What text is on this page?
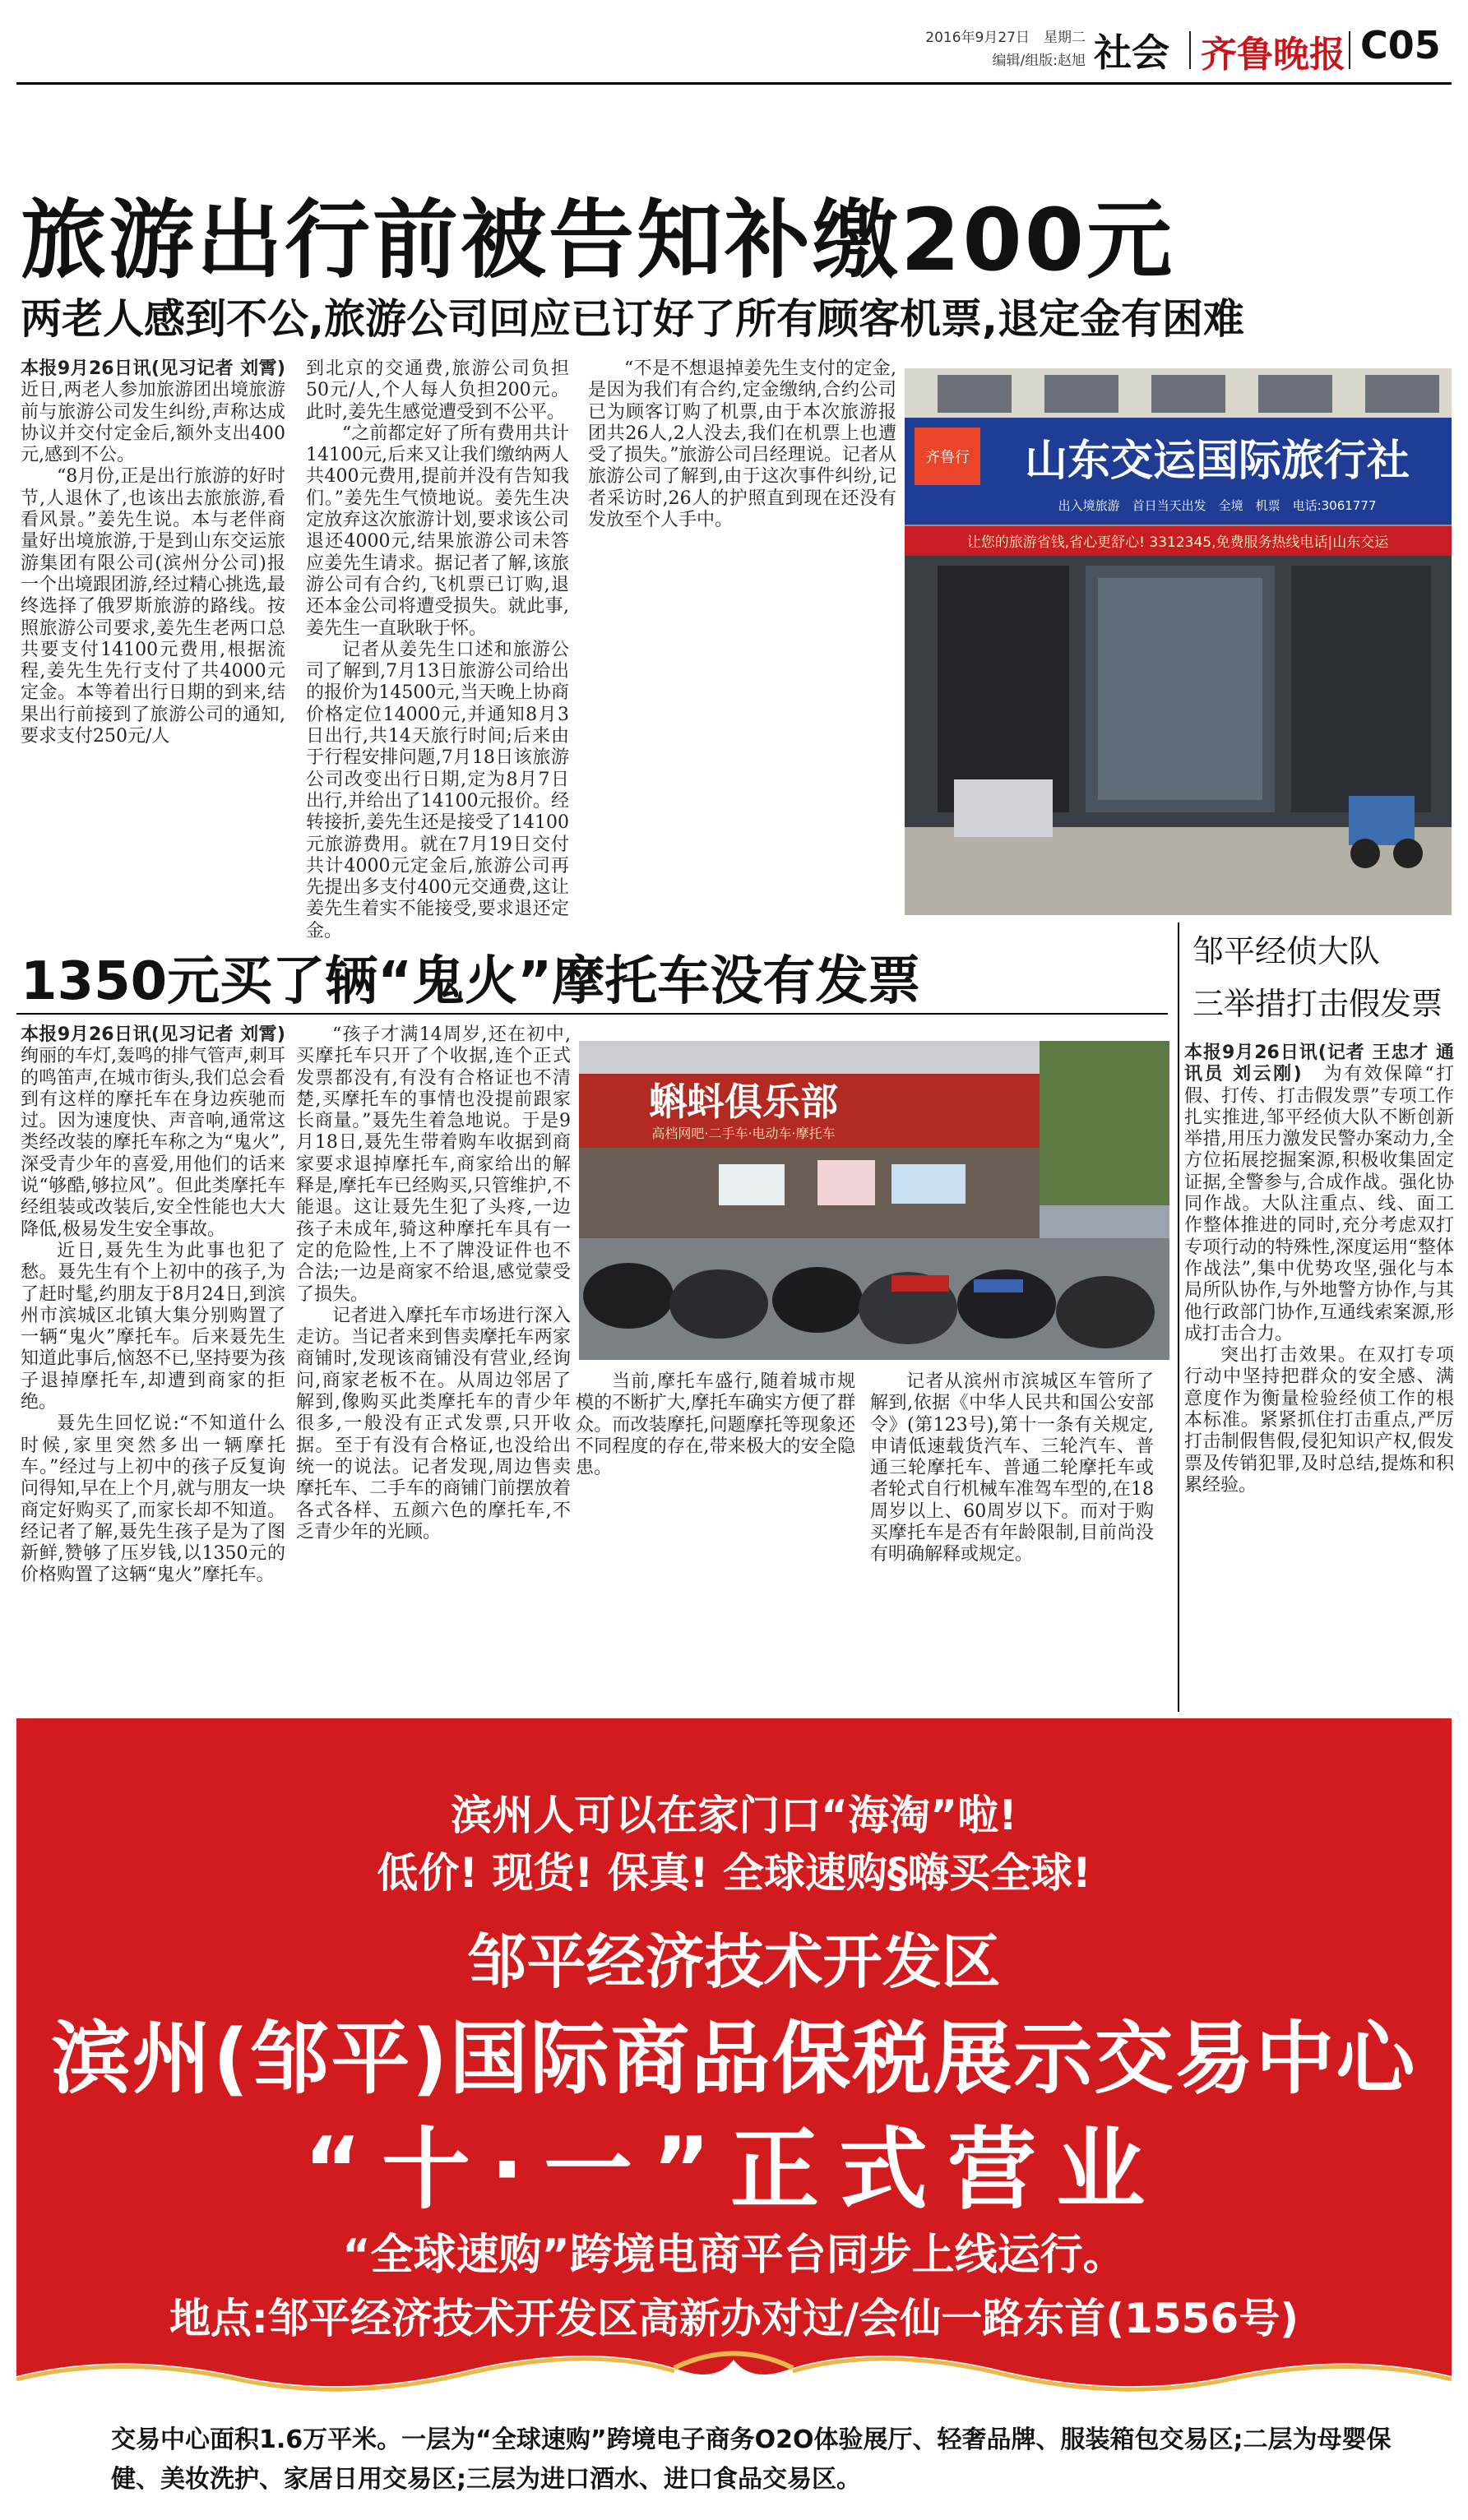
2016年9月27日　星期二
编辑/组版:赵旭 社会 齐鲁晚报 C05
旅游出行前被告知补缴200元
两老人感到不公,旅游公司回应已订好了所有顾客机票,退定金有困难

本报9月26日讯(见习记者 刘霄)　近日,两老人参加旅游团出境旅游前与旅游公司发生纠纷,声称达成协议并交付定金后,额外支出400元,感到不公。

“8月份,正是出行旅游的好时节,人退休了,也该出去旅旅游,看看风景。”姜先生说。本与老伴商量好出境旅游,于是到山东交运旅游集团有限公司(滨州分公司)报一个出境跟团游,经过精心挑选,最终选择了俄罗斯旅游的路线。按照旅游公司要求,姜先生老两口总共要支付14100元费用,根据流程,姜先生先行支付了共4000元定金。本等着出行日期的到来,结果出行前接到了旅游公司的通知,要求支付250元/人

到北京的交通费,旅游公司负担50元/人,个人每人负担200元。此时,姜先生感觉遭受到不公平。

“之前都定好了所有费用共计14100元,后来又让我们缴纳两人共400元费用,提前并没有告知我们。”姜先生气愤地说。姜先生决定放弃这次旅游计划,要求该公司退还4000元,结果旅游公司未答应姜先生请求。据记者了解,该旅游公司有合约,飞机票已订购,退还本金公司将遭受损失。就此事,姜先生一直耿耿于怀。

记者从姜先生口述和旅游公司了解到,7月13日旅游公司给出的报价为14500元,当天晚上协商价格定位14000元,并通知8月3日出行,共14天旅行时间;后来由于行程安排问题,7月18日该旅游公司改变出行日期,定为8月7日出行,并给出了14100元报价。经转接折,姜先生还是接受了14100元旅游费用。就在7月19日交付共计4000元定金后,旅游公司再先提出多支付400元交通费,这让姜先生着实不能接受,要求退还定金。

“不是不想退掉姜先生支付的定金,是因为我们有合约,定金缴纳,合约公司已为顾客订购了机票,由于本次旅游报团共26人,2人没去,我们在机票上也遭受了损失。”旅游公司吕经理说。记者从旅游公司了解到,由于这次事件纠纷,记者采访时,26人的护照直到现在还没有发放至个人手中。

齐鲁行 山东交运国际旅行社
出入境旅游　首日当天出发　全境　机票　电话:3061777
让您的旅游省钱,省心更舒心! 3312345,免费服务热线电话|山东交运
1350元买了辆“鬼火”摩托车没有发票

本报9月26日讯(见习记者 刘霄)　绚丽的车灯,轰鸣的排气管声,刺耳的鸣笛声,在城市街头,我们总会看到有这样的摩托车在身边疾驰而过。因为速度快、声音响,通常这类经改装的摩托车称之为“鬼火”,深受青少年的喜爱,用他们的话来说“够酷,够拉风”。但此类摩托车经组装或改装后,安全性能也大大降低,极易发生安全事故。

近日,聂先生为此事也犯了愁。聂先生有个上初中的孩子,为了赶时髦,约朋友于8月24日,到滨州市滨城区北镇大集分别购置了一辆“鬼火”摩托车。后来聂先生知道此事后,恼怒不已,坚持要为孩子退掉摩托车,却遭到商家的拒绝。

聂先生回忆说:“不知道什么时候,家里突然多出一辆摩托车。”经过与上初中的孩子反复询问得知,早在上个月,就与朋友一块商定好购买了,而家长却不知道。经记者了解,聂先生孩子是为了图新鲜,赞够了压岁钱,以1350元的价格购置了这辆“鬼火”摩托车。

“孩子才满14周岁,还在初中,买摩托车只开了个收据,连个正式发票都没有,有没有合格证也不清楚,买摩托车的事情也没提前跟家长商量。”聂先生着急地说。于是9月18日,聂先生带着购车收据到商家要求退掉摩托车,商家给出的解释是,摩托车已经购买,只管维护,不能退。这让聂先生犯了头疼,一边孩子未成年,骑这种摩托车具有一定的危险性,上不了牌没证件也不合法;一边是商家不给退,感觉蒙受了损失。

记者进入摩托车市场进行深入走访。当记者来到售卖摩托车两家商铺时,发现该商铺没有营业,经询问,商家老板不在。从周边邻居了解到,像购买此类摩托车的青少年很多,一般没有正式发票,只开收据。至于有没有合格证,也没给出统一的说法。记者发现,周边售卖摩托车、二手车的商铺门前摆放着各式各样、五颜六色的摩托车,不乏青少年的光顾。

当前,摩托车盛行,随着城市规模的不断扩大,摩托车确实方便了群众。而改装摩托,问题摩托等现象还不同程度的存在,带来极大的安全隐患。

记者从滨州市滨城区车管所了解到,依据《中华人民共和国公安部令》(第123号),第十一条有关规定,申请低速载货汽车、三轮汽车、普通三轮摩托车、普通二轮摩托车或者轮式自行机械车准驾车型的,在18周岁以上、60周岁以下。而对于购买摩托车是否有年龄限制,目前尚没有明确解释或规定。

蝌蚪俱乐部
高档网吧·二手车·电动车·摩托车
邹平经侦大队
三举措打击假发票

本报9月26日讯(记者 王忠才 通讯员 刘云刚)　 为有效保障“打假、打传、打击假发票”专项工作扎实推进,邹平经侦大队不断创新举措,用压力激发民警办案动力,全方位拓展挖掘案源,积极收集固定证据,全警参与,合成作战。强化协同作战。大队注重点、线、面工作整体推进的同时,充分考虑双打专项行动的特殊性,深度运用“整体作战法”,集中优势攻坚,强化与本局所队协作,与外地警方协作,与其他行政部门协作,互通线索案源,形成打击合力。

突出打击效果。在双打专项行动中坚持把群众的安全感、满意度作为衡量检验经侦工作的根本标准。紧紧抓住打击重点,严厉打击制假售假,侵犯知识产权,假发票及传销犯罪,及时总结,提炼和积累经验。

滨州人可以在家门口“海淘”啦!
低价! 现货! 保真! 全球速购§嗨买全球!
邹平经济技术开发区
滨州(邹平)国际商品保税展示交易中心
“十·一”正式营业
“全球速购”跨境电商平台同步上线运行。
地点:邹平经济技术开发区高新办对过/会仙一路东首(1556号)
交易中心面积1.6万平米。一层为“全球速购”跨境电子商务O2O体验展厅、轻奢品牌、服装箱包交易区;二层为母婴保健、美妆洗护、家居日用交易区;三层为进口酒水、进口食品交易区。
